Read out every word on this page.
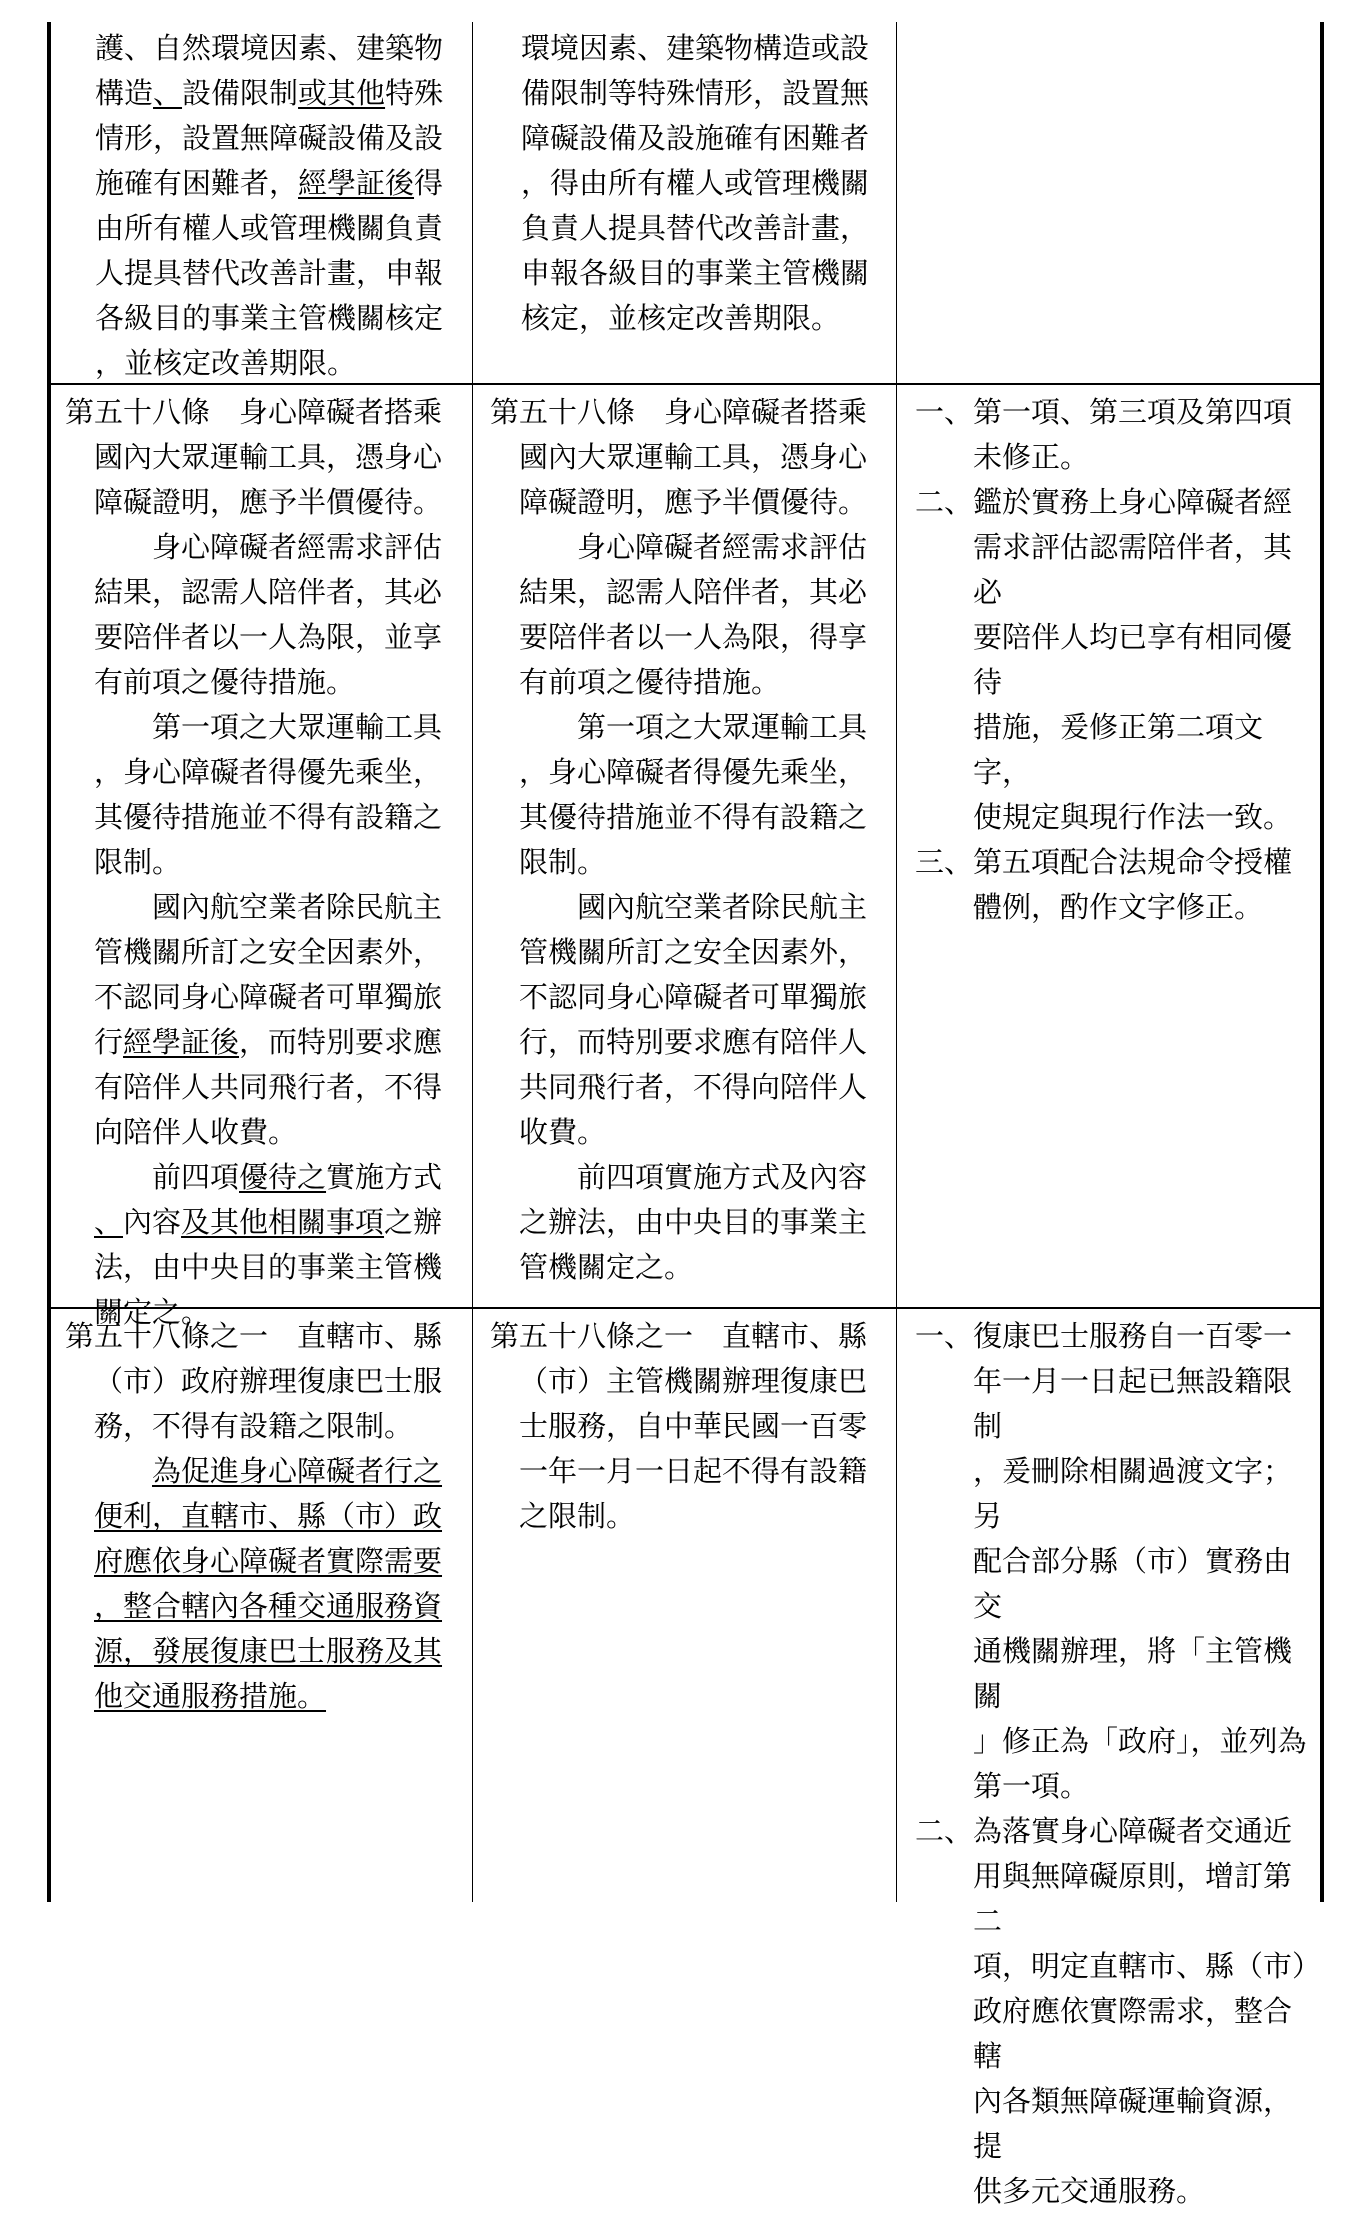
護、自然環境因素、建築物
構造、設備限制或其他特殊
情形，設置無障礙設備及設
施確有困難者，經學証後得
由所有權人或管理機關負責
人提具替代改善計畫，申報
各級目的事業主管機關核定
，並核定改善期限。
環境因素、建築物構造或設
備限制等特殊情形，設置無
障礙設備及設施確有困難者
，得由所有權人或管理機關
負責人提具替代改善計畫，
申報各級目的事業主管機關
核定，並核定改善期限。
第五十八條　身心障礙者搭乘
國內大眾運輸工具，憑身心
障礙證明，應予半價優待。
身心障礙者經需求評估
結果，認需人陪伴者，其必
要陪伴者以一人為限，並享
有前項之優待措施。
第一項之大眾運輸工具
，身心障礙者得優先乘坐，
其優待措施並不得有設籍之
限制。
國內航空業者除民航主
管機關所訂之安全因素外，
不認同身心障礙者可單獨旅
行經學証後，而特別要求應
有陪伴人共同飛行者，不得
向陪伴人收費。
前四項優待之實施方式
、內容及其他相關事項之辦
法，由中央目的事業主管機
關定之。
第五十八條　身心障礙者搭乘
國內大眾運輸工具，憑身心
障礙證明，應予半價優待。
身心障礙者經需求評估
結果，認需人陪伴者，其必
要陪伴者以一人為限，得享
有前項之優待措施。
第一項之大眾運輸工具
，身心障礙者得優先乘坐，
其優待措施並不得有設籍之
限制。
國內航空業者除民航主
管機關所訂之安全因素外，
不認同身心障礙者可單獨旅
行，而特別要求應有陪伴人
共同飛行者，不得向陪伴人
收費。
前四項實施方式及內容
之辦法，由中央目的事業主
管機關定之。
一、第一項、第三項及第四項
未修正。
二、鑑於實務上身心障礙者經
需求評估認需陪伴者，其必
要陪伴人均已享有相同優待
措施，爰修正第二項文字，
使規定與現行作法一致。
三、第五項配合法規命令授權
體例，酌作文字修正。
第五十八條之一　直轄市、縣
（市）政府辦理復康巴士服
務，不得有設籍之限制。
為促進身心障礙者行之
便利，直轄市、縣（市）政
府應依身心障礙者實際需要
，整合轄內各種交通服務資
源，發展復康巴士服務及其
他交通服務措施。
第五十八條之一　直轄市、縣
（市）主管機關辦理復康巴
士服務，自中華民國一百零
一年一月一日起不得有設籍
之限制。
一、復康巴士服務自一百零一
年一月一日起已無設籍限制
，爰刪除相關過渡文字；另
配合部分縣（市）實務由交
通機關辦理，將「主管機關
」修正為「政府」，並列為
第一項。
二、為落實身心障礙者交通近
用與無障礙原則，增訂第二
項，明定直轄市、縣（市）
政府應依實際需求，整合轄
內各類無障礙運輸資源，提
供多元交通服務。
